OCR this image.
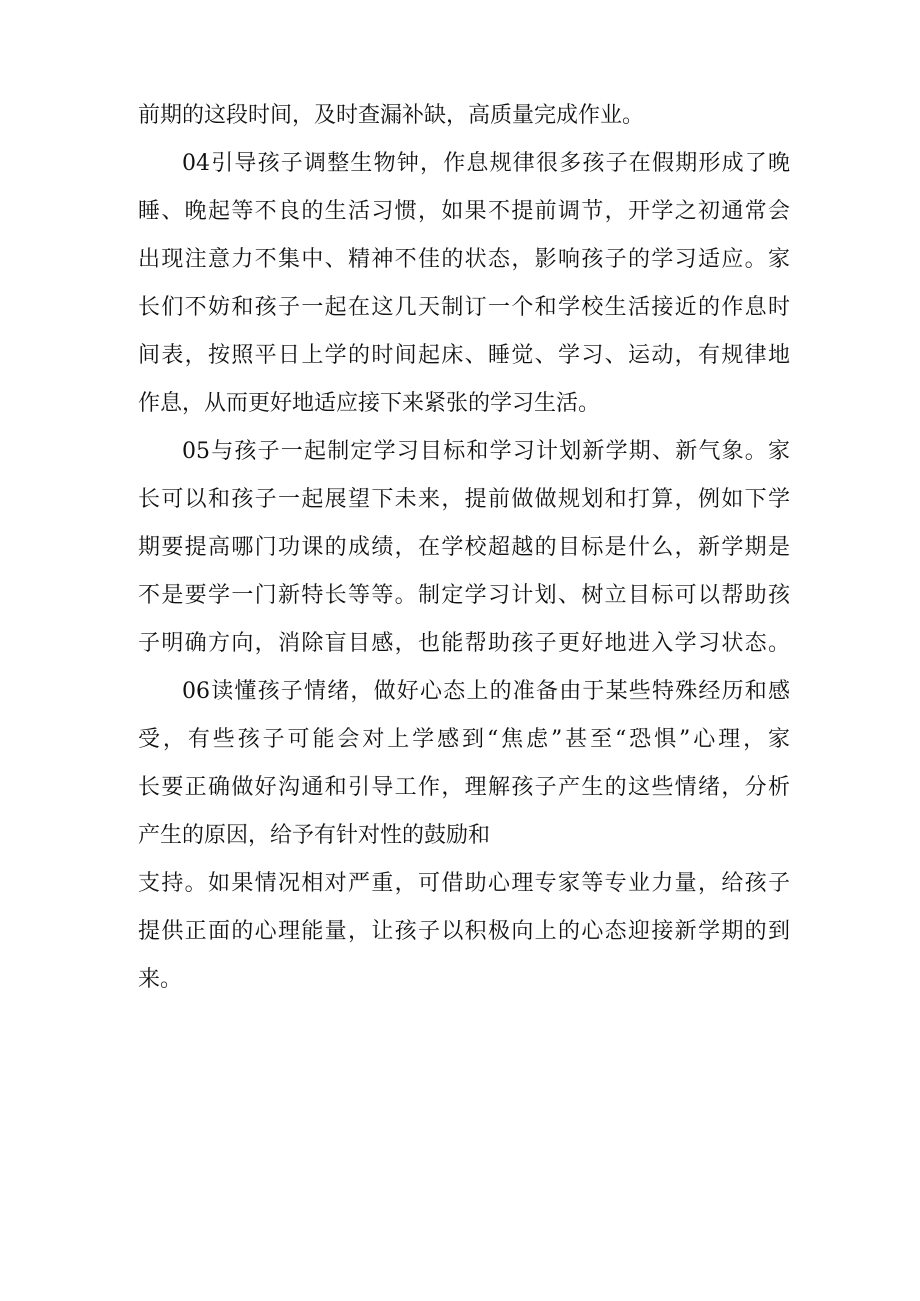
前期的这段时间，及时查漏补缺，高质量完成作业。
04引导孩子调整生物钟，作息规律很多孩子在假期形成了晚
睡、晚起等不良的生活习惯，如果不提前调节，开学之初通常会
出现注意力不集中、精神不佳的状态，影响孩子的学习适应。家
长们不妨和孩子一起在这几天制订一个和学校生活接近的作息时
间表，按照平日上学的时间起床、睡觉、学习、运动，有规律地
作息，从而更好地适应接下来紧张的学习生活。
05与孩子一起制定学习目标和学习计划新学期、新气象。家
长可以和孩子一起展望下未来，提前做做规划和打算，例如下学
期要提高哪门功课的成绩，在学校超越的目标是什么，新学期是
不是要学一门新特长等等。制定学习计划、树立目标可以帮助孩
子明确方向，消除盲目感，也能帮助孩子更好地进入学习状态。
06读懂孩子情绪，做好心态上的准备由于某些特殊经历和感
受，有些孩子可能会对上学感到“焦虑”甚至“恐惧”心理，家
长要正确做好沟通和引导工作，理解孩子产生的这些情绪，分析
产生的原因，给予有针对性的鼓励和
支持。如果情况相对严重，可借助心理专家等专业力量，给孩子
提供正面的心理能量，让孩子以积极向上的心态迎接新学期的到
来。
